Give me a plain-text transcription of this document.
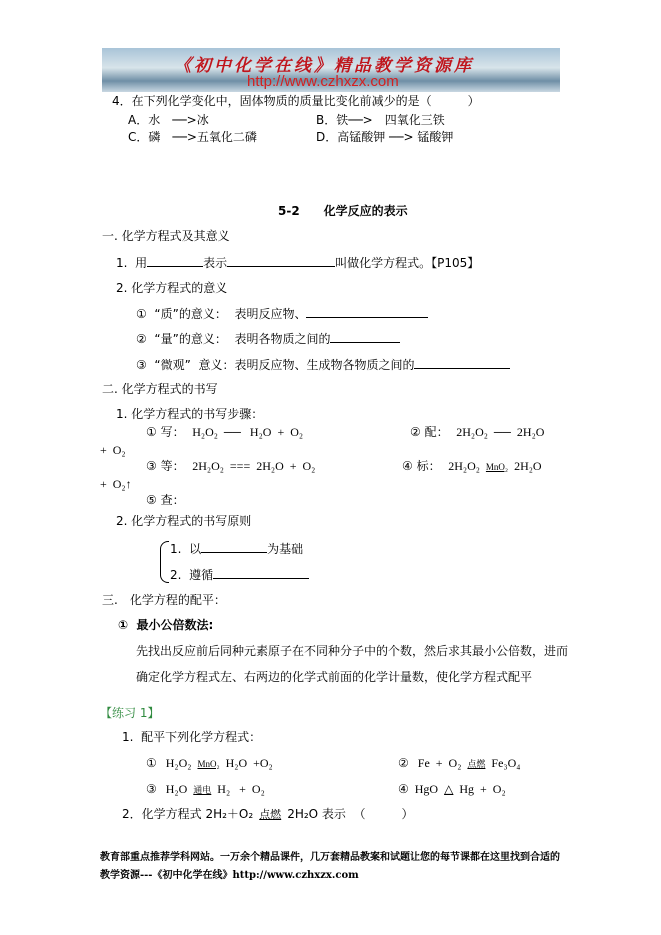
《初中化学在线》精品教学资源库
http://www.czhxzx.com
4．在下列化学变化中，固体物质的质量比变化前减少的是（　　　）
A．水　──>冰	B．铁──>　四氧化三铁
C．磷　──>五氧化二磷	D．高锰酸钾 ──> 锰酸钾
5-2　　化学反应的表示
一. 化学方程式及其意义
1.  用	表示	叫做化学方程式。【P105】
2. 化学方程式的意义
①  “质”的意义：  表明反应物、
②  “量”的意义：  表明各物质之间的
③  “微观”  意义：表明反应物、生成物各物质之间的
二. 化学方程式的书写
1. 化学方程式的书写步骤：
① 写： H₂O₂  ──   H₂O  +  O₂	② 配： 2H₂O₂  ──  2H₂O
+  O₂
③ 等： 2H₂O₂  ===  2H₂O  +  O₂	④ 标： 2H₂O₂ MnO₂ 2H₂O
+  O₂↑
⑤ 查：
2. 化学方程式的书写原则
1.  以	为基础
2.  遵循
三.　化学方程的配平：
①  最小公倍数法:
先找出反应前后同种元素原子在不同种分子中的个数，然后求其最小公倍数，进而
确定化学方程式左、右两边的化学式前面的化学计量数，使化学方程式配平
【练习 1】
1.  配平下列化学方程式：
① H₂O₂ MnO₂ H₂O  +O₂	② Fe  +  O₂ 点燃 Fe₃O₄
③ H₂O 通电 H₂   +  O₂	④ HgO △ Hg  +  O₂
2．化学方程式 2H₂＋O₂ 点燃 2H₂O 表示  （　　　）
教育部重点推荐学科网站。一万余个精品课件，几万套精品教案和试题让您的每节课都在这里找到合适的
教学资源---《初中化学在线》http://www.czhxzx.com
